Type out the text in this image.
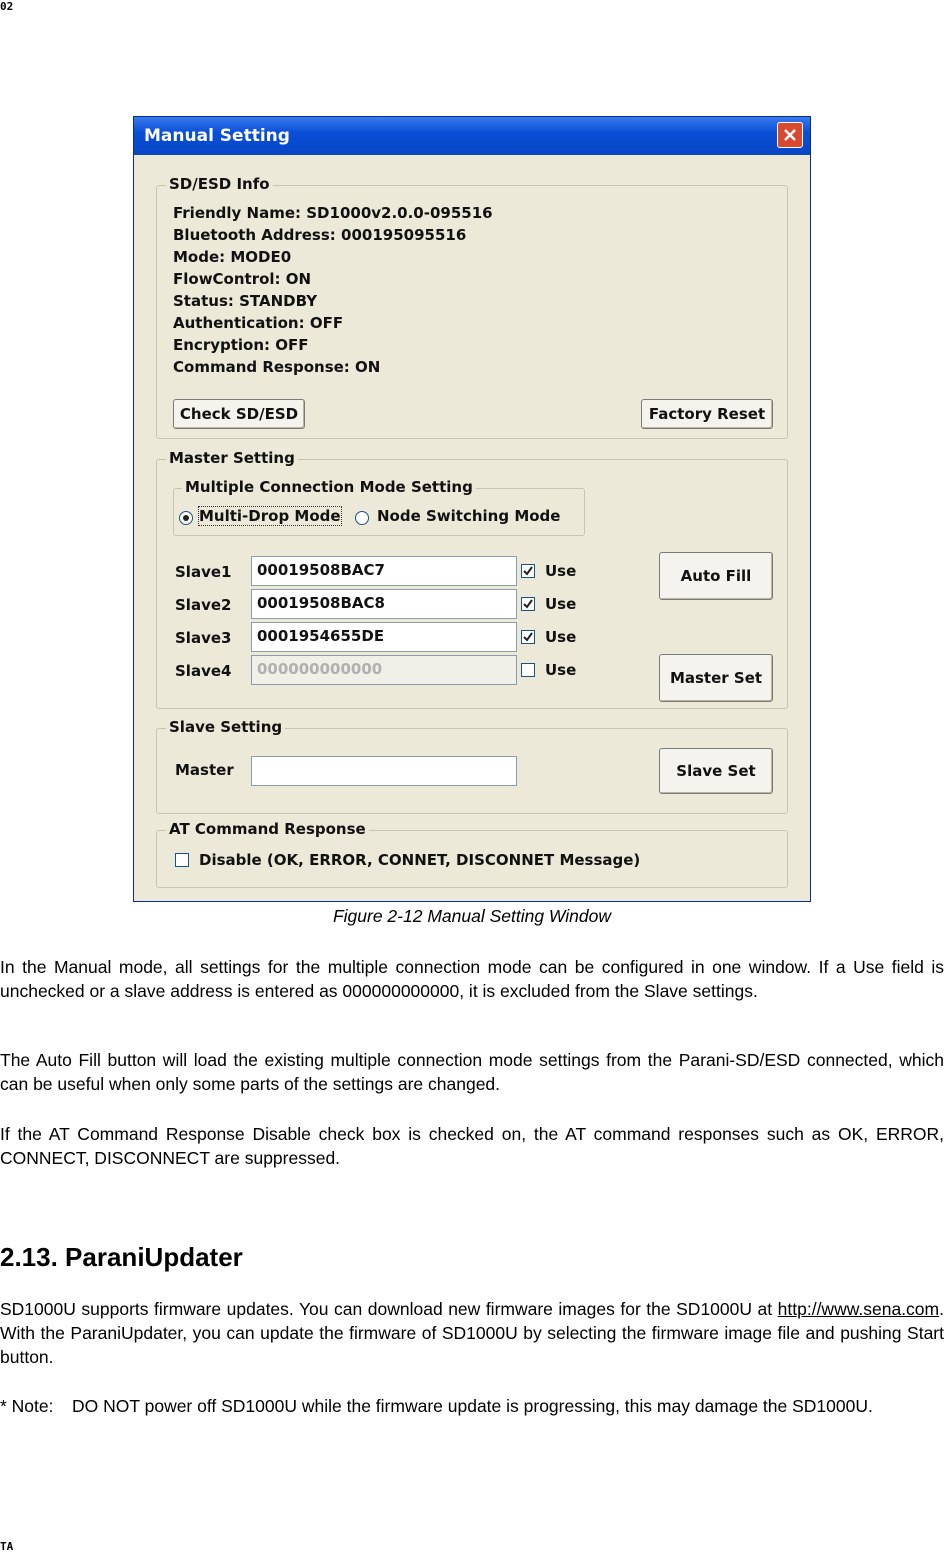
02
Manual Setting
SD/ESD Info
Friendly Name: SD1000v2.0.0-095516
Bluetooth Address: 000195095516
Mode: MODE0
FlowControl: ON
Status: STANDBY
Authentication: OFF
Encryption: OFF
Command Response: ON
Check SD/ESD	Factory Reset
Master Setting
Multiple Connection Mode Setting
Multi-Drop Mode Node Switching Mode
Slave1	00019508BAC7	Use
Slave2	00019508BAC8	Use
Slave3	0001954655DE	Use
Slave4	000000000000	Use
Auto Fill
Master Set
Slave Setting
Master	Slave Set
AT Command Response
Disable (OK, ERROR, CONNET, DISCONNET Message)
Figure 2-12 Manual Setting Window
In the Manual mode, all settings for the multiple connection mode can be configured in one window. If a Use field is unchecked or a slave address is entered as 000000000000, it is excluded from the Slave settings.
The Auto Fill button will load the existing multiple connection mode settings from the Parani-SD/ESD connected, which can be useful when only some parts of the settings are changed.
If the AT Command Response Disable check box is checked on, the AT command responses such as OK, ERROR, CONNECT, DISCONNECT are suppressed.
2.13. ParaniUpdater
SD1000U supports firmware updates. You can download new firmware images for the SD1000U at http://www.sena.com. With the ParaniUpdater, you can update the firmware of SD1000U by selecting the firmware image file and pushing Start button.
* Note: DO NOT power off SD1000U while the firmware update is progressing, this may damage the SD1000U.
TA
